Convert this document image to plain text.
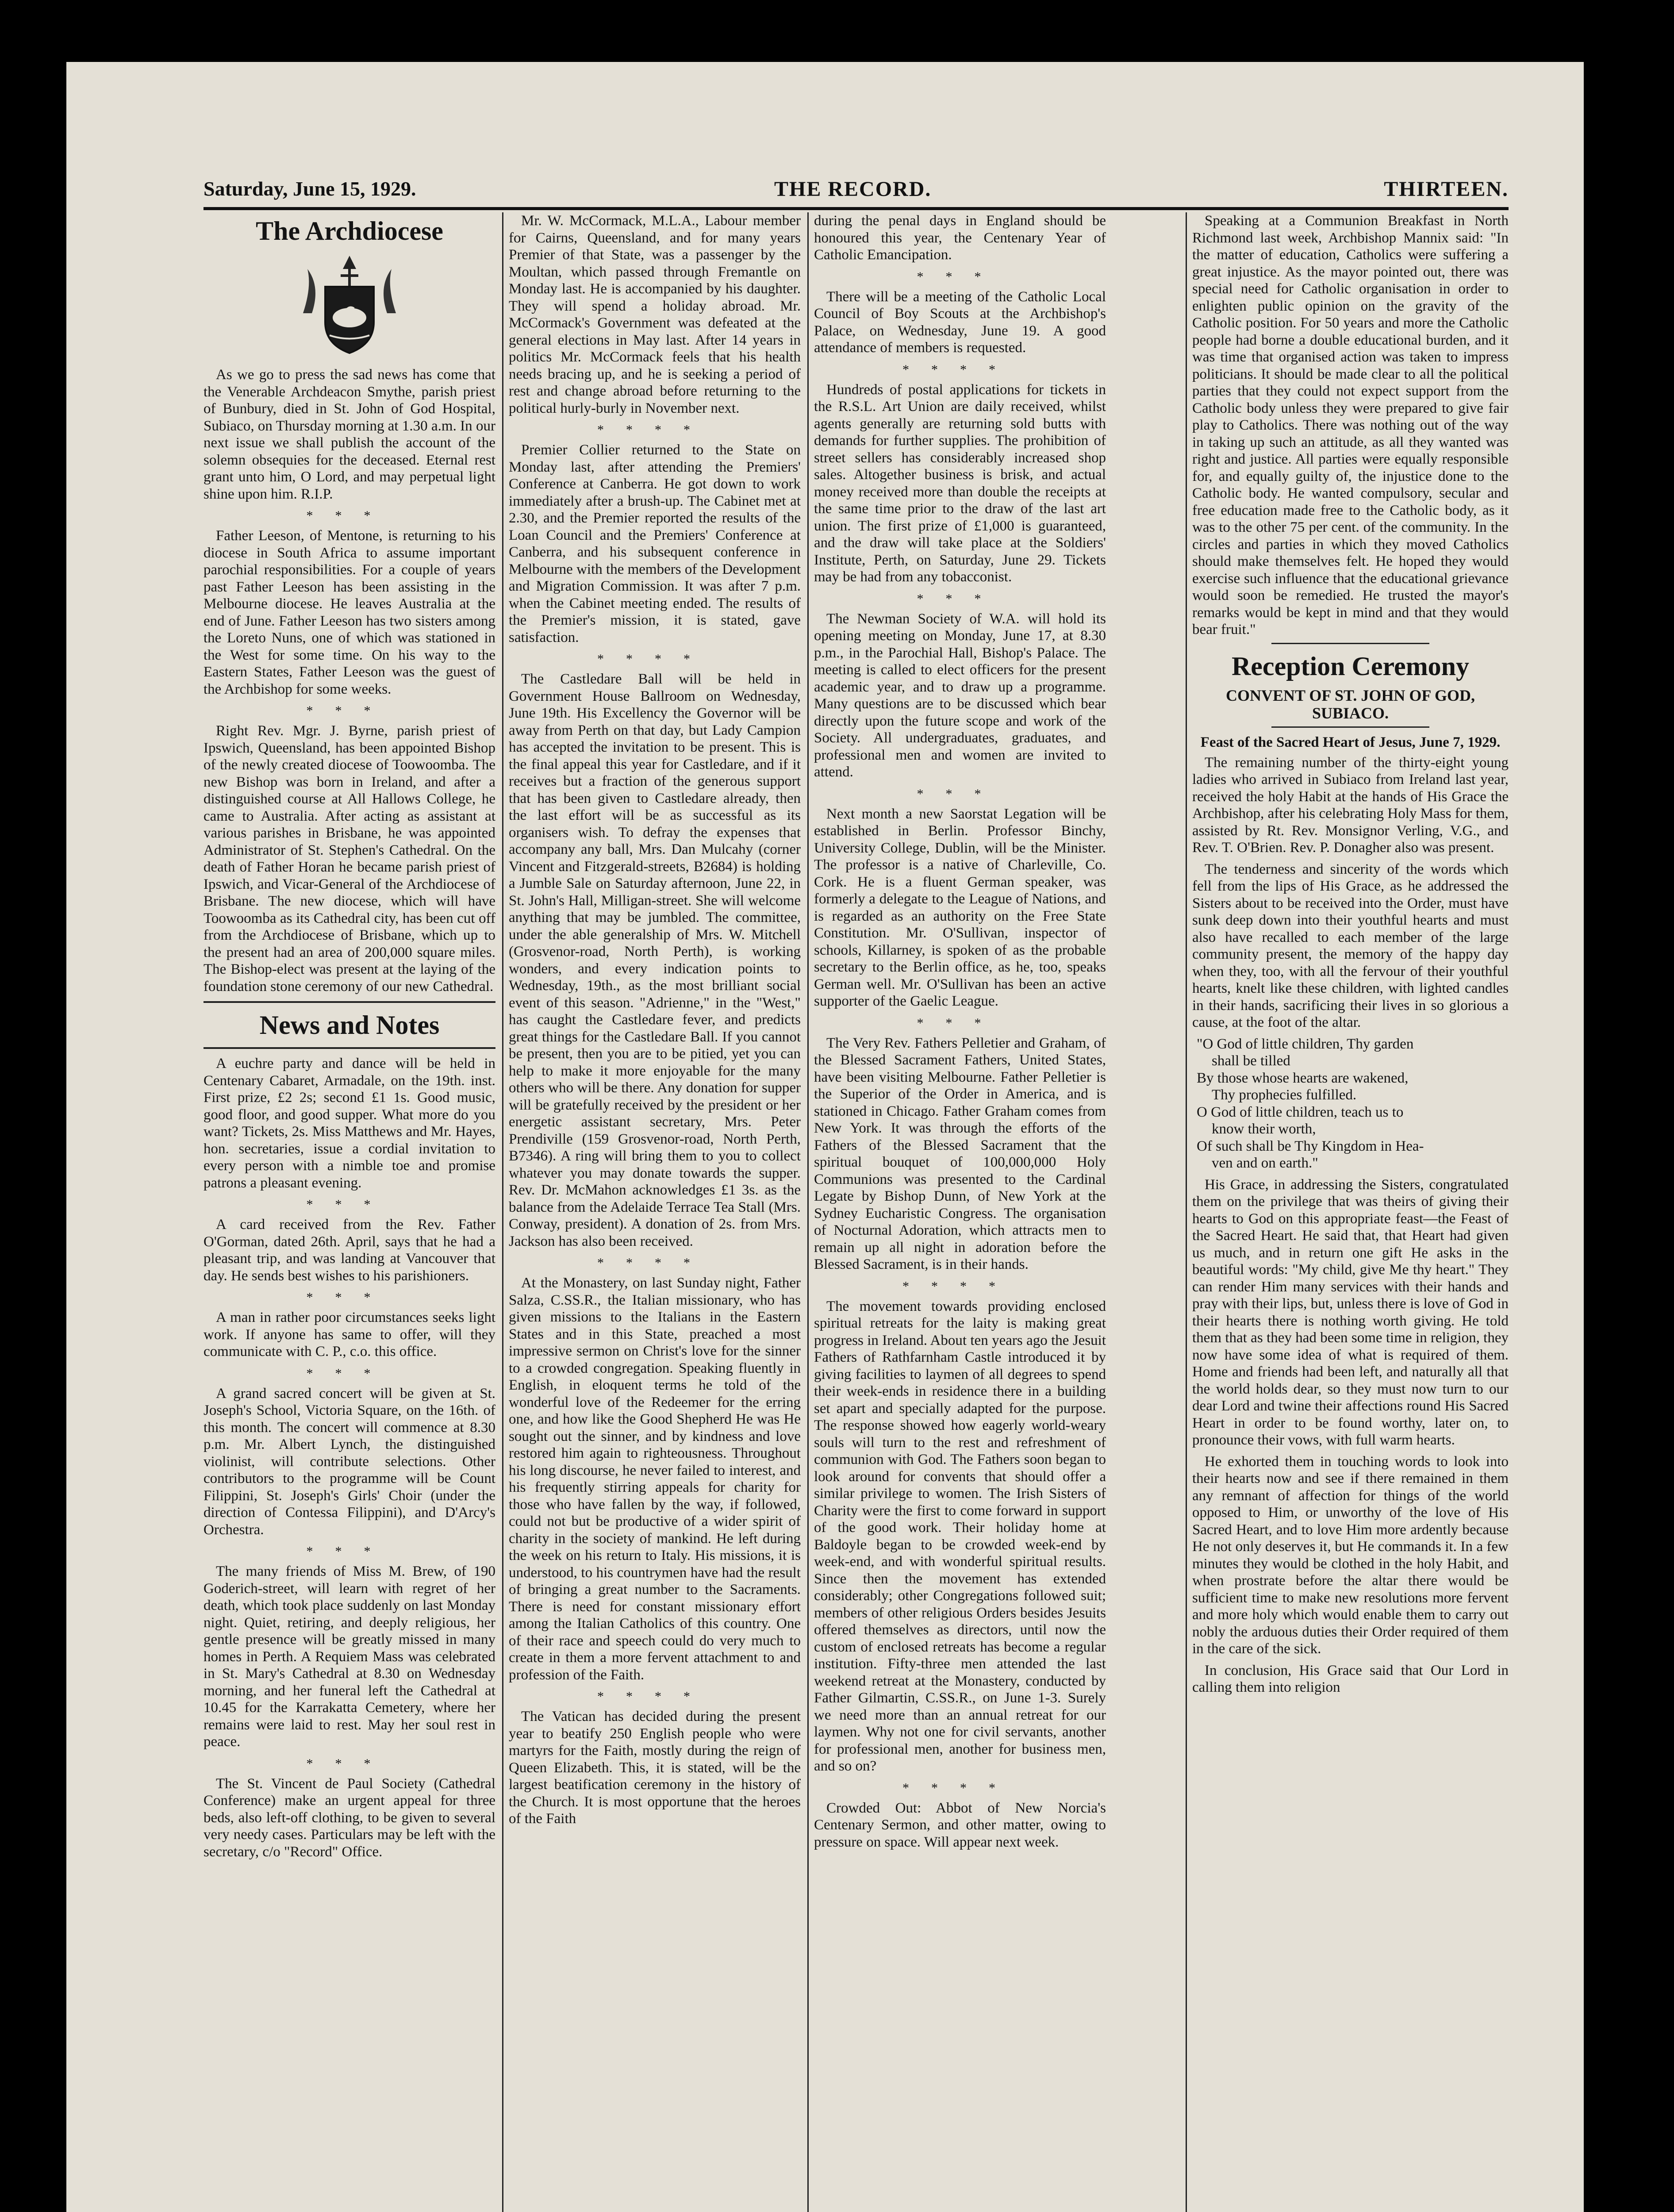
Saturday, June 15, 1929.	THE RECORD.	THIRTEEN.
The Archdiocese

As we go to press the sad news has come that the Venerable Archdeacon Smythe, parish priest of Bunbury, died in St. John of God Hospital, Subiaco, on Thursday morning at 1.30 a.m. In our next issue we shall publish the account of the solemn obsequies for the deceased. Eternal rest grant unto him, O Lord, and may perpetual light shine upon him. R.I.P.

***

Father Leeson, of Mentone, is returning to his diocese in South Africa to assume important parochial responsibilities. For a couple of years past Father Leeson has been assisting in the Melbourne diocese. He leaves Australia at the end of June. Father Leeson has two sisters among the Loreto Nuns, one of which was stationed in the West for some time. On his way to the Eastern States, Father Leeson was the guest of the Archbishop for some weeks.

***

Right Rev. Mgr. J. Byrne, parish priest of Ipswich, Queensland, has been appointed Bishop of the newly created diocese of Toowoomba. The new Bishop was born in Ireland, and after a distinguished course at All Hallows College, he came to Australia. After acting as assistant at various parishes in Brisbane, he was appointed Administrator of St. Stephen's Cathedral. On the death of Father Horan he became parish priest of Ipswich, and Vicar-General of the Archdiocese of Brisbane. The new diocese, which will have Toowoomba as its Cathedral city, has been cut off from the Archdiocese of Brisbane, which up to the present had an area of 200,000 square miles. The Bishop-elect was present at the laying of the foundation stone ceremony of our new Cathedral.

News and Notes

A euchre party and dance will be held in Centenary Cabaret, Armadale, on the 19th. inst. First prize, £2 2s; second £1 1s. Good music, good floor, and good supper. What more do you want? Tickets, 2s. Miss Matthews and Mr. Hayes, hon. secretaries, issue a cordial invitation to every person with a nimble toe and promise patrons a pleasant evening.

***

A card received from the Rev. Father O'Gorman, dated 26th. April, says that he had a pleasant trip, and was landing at Vancouver that day. He sends best wishes to his parishioners.

***

A man in rather poor circumstances seeks light work. If anyone has same to offer, will they communicate with C. P., c.o. this office.

***

A grand sacred concert will be given at St. Joseph's School, Victoria Square, on the 16th. of this month. The concert will commence at 8.30 p.m. Mr. Albert Lynch, the distinguished violinist, will contribute selections. Other contributors to the programme will be Count Filippini, St. Joseph's Girls' Choir (under the direction of Contessa Filippini), and D'Arcy's Orchestra.

***

The many friends of Miss M. Brew, of 190 Goderich-street, will learn with regret of her death, which took place suddenly on last Monday night. Quiet, retiring, and deeply religious, her gentle presence will be greatly missed in many homes in Perth. A Requiem Mass was celebrated in St. Mary's Cathedral at 8.30 on Wednesday morning, and her funeral left the Cathedral at 10.45 for the Karrakatta Cemetery, where her remains were laid to rest. May her soul rest in peace.

***

The St. Vincent de Paul Society (Cathedral Conference) make an urgent appeal for three beds, also left-off clothing, to be given to several very needy cases. Particulars may be left with the secretary, c/o "Record" Office.

Mr. W. McCormack, M.L.A., Labour member for Cairns, Queensland, and for many years Premier of that State, was a passenger by the Moultan, which passed through Fremantle on Monday last. He is accompanied by his daughter. They will spend a holiday abroad. Mr. McCormack's Government was defeated at the general elections in May last. After 14 years in politics Mr. McCormack feels that his health needs bracing up, and he is seeking a period of rest and change abroad before returning to the political hurly-burly in November next.

****

Premier Collier returned to the State on Monday last, after attending the Premiers' Conference at Canberra. He got down to work immediately after a brush-up. The Cabinet met at 2.30, and the Premier reported the results of the Loan Council and the Premiers' Conference at Canberra, and his subsequent conference in Melbourne with the members of the Development and Migration Commission. It was after 7 p.m. when the Cabinet meeting ended. The results of the Premier's mission, it is stated, gave satisfaction.

****

The Castledare Ball will be held in Government House Ballroom on Wednesday, June 19th. His Excellency the Governor will be away from Perth on that day, but Lady Campion has accepted the invitation to be present. This is the final appeal this year for Castledare, and if it receives but a fraction of the generous support that has been given to Castledare already, then the last effort will be as successful as its organisers wish. To defray the expenses that accompany any ball, Mrs. Dan Mulcahy (corner Vincent and Fitzgerald-streets, B2684) is holding a Jumble Sale on Saturday afternoon, June 22, in St. John's Hall, Milligan-street. She will welcome anything that may be jumbled. The committee, under the able generalship of Mrs. W. Mitchell (Grosvenor-road, North Perth), is working wonders, and every indication points to Wednesday, 19th., as the most brilliant social event of this season. "Adrienne," in the "West," has caught the Castledare fever, and predicts great things for the Castledare Ball. If you cannot be present, then you are to be pitied, yet you can help to make it more enjoyable for the many others who will be there. Any donation for supper will be gratefully received by the president or her energetic assistant secretary, Mrs. Peter Prendiville (159 Grosvenor-road, North Perth, B7346). A ring will bring them to you to collect whatever you may donate towards the supper. Rev. Dr. McMahon acknowledges £1 3s. as the balance from the Adelaide Terrace Tea Stall (Mrs. Conway, president). A donation of 2s. from Mrs. Jackson has also been received.

****

At the Monastery, on last Sunday night, Father Salza, C.SS.R., the Italian missionary, who has given missions to the Italians in the Eastern States and in this State, preached a most impressive sermon on Christ's love for the sinner to a crowded congregation. Speaking fluently in English, in eloquent terms he told of the wonderful love of the Redeemer for the erring one, and how like the Good Shepherd He was He sought out the sinner, and by kindness and love restored him again to righteousness. Throughout his long discourse, he never failed to interest, and his frequently stirring appeals for charity for those who have fallen by the way, if followed, could not but be productive of a wider spirit of charity in the society of mankind. He left during the week on his return to Italy. His missions, it is understood, to his countrymen have had the result of bringing a great number to the Sacraments. There is need for constant missionary effort among the Italian Catholics of this country. One of their race and speech could do very much to create in them a more fervent attachment to and profession of the Faith.

****

The Vatican has decided during the present year to beatify 250 English people who were martyrs for the Faith, mostly during the reign of Queen Elizabeth. This, it is stated, will be the largest beatification ceremony in the history of the Church. It is most opportune that the heroes of the Faith

during the penal days in England should be honoured this year, the Centenary Year of Catholic Emancipation.

***

There will be a meeting of the Catholic Local Council of Boy Scouts at the Archbishop's Palace, on Wednesday, June 19. A good attendance of members is requested.

****

Hundreds of postal applications for tickets in the R.S.L. Art Union are daily received, whilst agents generally are returning sold butts with demands for further supplies. The prohibition of street sellers has considerably increased shop sales. Altogether business is brisk, and actual money received more than double the receipts at the same time prior to the draw of the last art union. The first prize of £1,000 is guaranteed, and the draw will take place at the Soldiers' Institute, Perth, on Saturday, June 29. Tickets may be had from any tobacconist.

***

The Newman Society of W.A. will hold its opening meeting on Monday, June 17, at 8.30 p.m., in the Parochial Hall, Bishop's Palace. The meeting is called to elect officers for the present academic year, and to draw up a programme. Many questions are to be discussed which bear directly upon the future scope and work of the Society. All undergraduates, graduates, and professional men and women are invited to attend.

***

Next month a new Saorstat Legation will be established in Berlin. Professor Binchy, University College, Dublin, will be the Minister. The professor is a native of Charleville, Co. Cork. He is a fluent German speaker, was formerly a delegate to the League of Nations, and is regarded as an authority on the Free State Constitution. Mr. O'Sullivan, inspector of schools, Killarney, is spoken of as the probable secretary to the Berlin office, as he, too, speaks German well. Mr. O'Sullivan has been an active supporter of the Gaelic League.

***

The Very Rev. Fathers Pelletier and Graham, of the Blessed Sacrament Fathers, United States, have been visiting Melbourne. Father Pelletier is the Superior of the Order in America, and is stationed in Chicago. Father Graham comes from New York. It was through the efforts of the Fathers of the Blessed Sacrament that the spiritual bouquet of 100,000,000 Holy Communions was presented to the Cardinal Legate by Bishop Dunn, of New York at the Sydney Eucharistic Congress. The organisation of Nocturnal Adoration, which attracts men to remain up all night in adoration before the Blessed Sacrament, is in their hands.

****

The movement towards providing enclosed spiritual retreats for the laity is making great progress in Ireland. About ten years ago the Jesuit Fathers of Rathfarnham Castle introduced it by giving facilities to laymen of all degrees to spend their week-ends in residence there in a building set apart and specially adapted for the purpose. The response showed how eagerly world-weary souls will turn to the rest and refreshment of communion with God. The Fathers soon began to look around for convents that should offer a similar privilege to women. The Irish Sisters of Charity were the first to come forward in support of the good work. Their holiday home at Baldoyle began to be crowded week-end by week-end, and with wonderful spiritual results. Since then the movement has extended considerably; other Congregations followed suit; members of other religious Orders besides Jesuits offered themselves as directors, until now the custom of enclosed retreats has become a regular institution. Fifty-three men attended the last weekend retreat at the Monastery, conducted by Father Gilmartin, C.SS.R., on June 1-3. Surely we need more than an annual retreat for our laymen. Why not one for civil servants, another for professional men, another for business men, and so on?

****

Crowded Out: Abbot of New Norcia's Centenary Sermon, and other matter, owing to pressure on space. Will appear next week.

Speaking at a Communion Breakfast in North Richmond last week, Archbishop Mannix said: "In the matter of education, Catholics were suffering a great injustice. As the mayor pointed out, there was special need for Catholic organisation in order to enlighten public opinion on the gravity of the Catholic position. For 50 years and more the Catholic people had borne a double educational burden, and it was time that organised action was taken to impress politicians. It should be made clear to all the political parties that they could not expect support from the Catholic body unless they were prepared to give fair play to Catholics. There was nothing out of the way in taking up such an attitude, as all they wanted was right and justice. All parties were equally responsible for, and equally guilty of, the injustice done to the Catholic body. He wanted compulsory, secular and free education made free to the Catholic body, as it was to the other 75 per cent. of the community. In the circles and parties in which they moved Catholics should make themselves felt. He hoped they would exercise such influence that the educational grievance would soon be remedied. He trusted the mayor's remarks would be kept in mind and that they would bear fruit."

Reception Ceremony
CONVENT OF ST. JOHN OF GOD, SUBIACO.
Feast of the Sacred Heart of Jesus, June 7, 1929.

The remaining number of the thirty-eight young ladies who arrived in Subiaco from Ireland last year, received the holy Habit at the hands of His Grace the Archbishop, after his celebrating Holy Mass for them, assisted by Rt. Rev. Monsignor Verling, V.G., and Rev. T. O'Brien. Rev. P. Donagher also was present.

The tenderness and sincerity of the words which fell from the lips of His Grace, as he addressed the Sisters about to be received into the Order, must have sunk deep down into their youthful hearts and must also have recalled to each member of the large community present, the memory of the happy day when they, too, with all the fervour of their youthful hearts, knelt like these children, with lighted candles in their hands, sacrificing their lives in so glorious a cause, at the foot of the altar.

"O God of little children, Thy garden
shall be tilled
By those whose hearts are wakened,
Thy prophecies fulfilled.
O God of little children, teach us to
know their worth,
Of such shall be Thy Kingdom in Hea-
ven and on earth."

His Grace, in addressing the Sisters, congratulated them on the privilege that was theirs of giving their hearts to God on this appropriate feast—the Feast of the Sacred Heart. He said that, that Heart had given us much, and in return one gift He asks in the beautiful words: "My child, give Me thy heart." They can render Him many services with their hands and pray with their lips, but, unless there is love of God in their hearts there is nothing worth giving. He told them that as they had been some time in religion, they now have some idea of what is required of them. Home and friends had been left, and naturally all that the world holds dear, so they must now turn to our dear Lord and twine their affections round His Sacred Heart in order to be found worthy, later on, to pronounce their vows, with full warm hearts.

He exhorted them in touching words to look into their hearts now and see if there remained in them any remnant of affection for things of the world opposed to Him, or unworthy of the love of His Sacred Heart, and to love Him more ardently because He not only deserves it, but He commands it. In a few minutes they would be clothed in the holy Habit, and when prostrate before the altar there would be sufficient time to make new resolutions more fervent and more holy which would enable them to carry out nobly the arduous duties their Order required of them in the care of the sick.

In conclusion, His Grace said that Our Lord in calling them into religion
